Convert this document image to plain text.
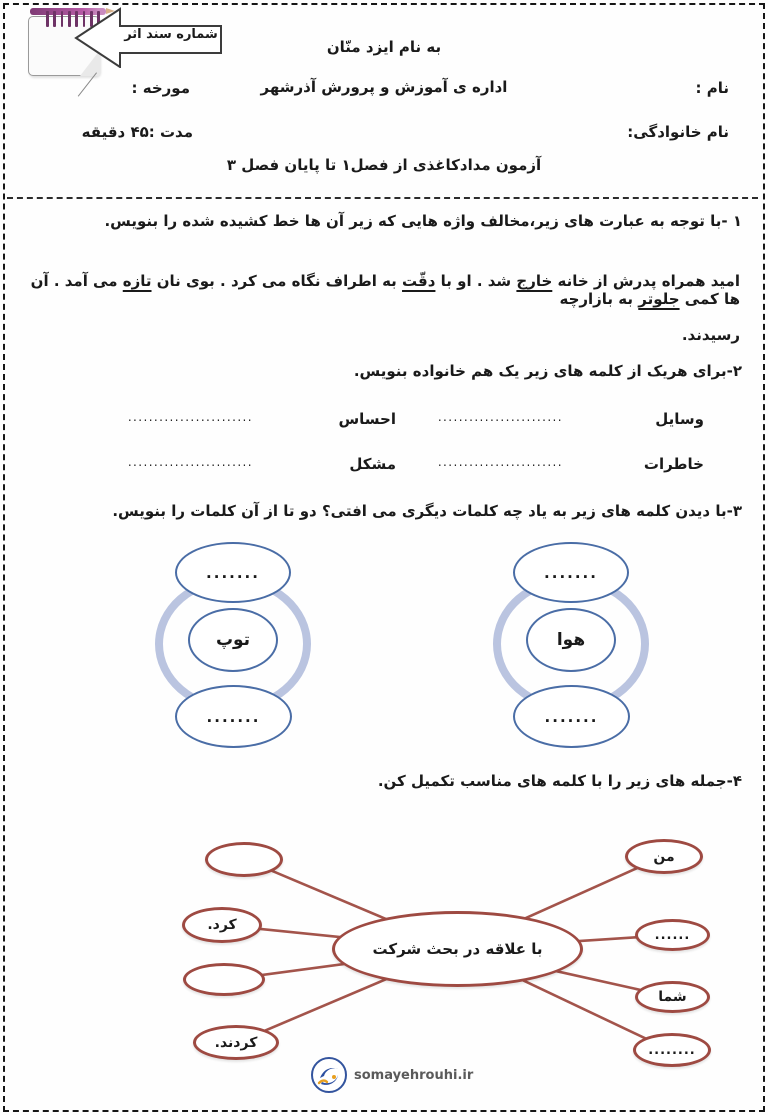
شماره سند اثر
به نام ایزد منّان
اداره ی آموزش و پرورش آذرشهر	نام :
نام خانوادگی:
مورخه :
مدت :۴۵ دقیقه
آزمون مدادکاغذی از فصل۱ تا پایان فصل ۳
۱ -با توجه به عبارت های زیر،مخالف واژه هایی که زیر آن ها خط کشیده شده را بنویس.
امید همراه پدرش از خانه خارج شد . او با دقّت به اطراف نگاه می کرد . بوی نان تازه می آمد . آن ها کمی جلوتر به بازارچه
رسیدند.
۲-برای هریک از کلمه های زیر یک هم خانواده بنویس.
وسایل
........................
احساس
........................
خاطرات
........................
مشکل
........................
۳-با دیدن کلمه های زیر به یاد چه کلمات دیگری می افتی؟ دو تا از آن کلمات را بنویس.
.......
توپ
.......
.......
هوا
.......
۴-جمله های زیر را با کلمه های مناسب تکمیل کن.
با علاقه در بحث شرکت
کرد.
کردند.
من
......
شما
........
somayehrouhi.ir
